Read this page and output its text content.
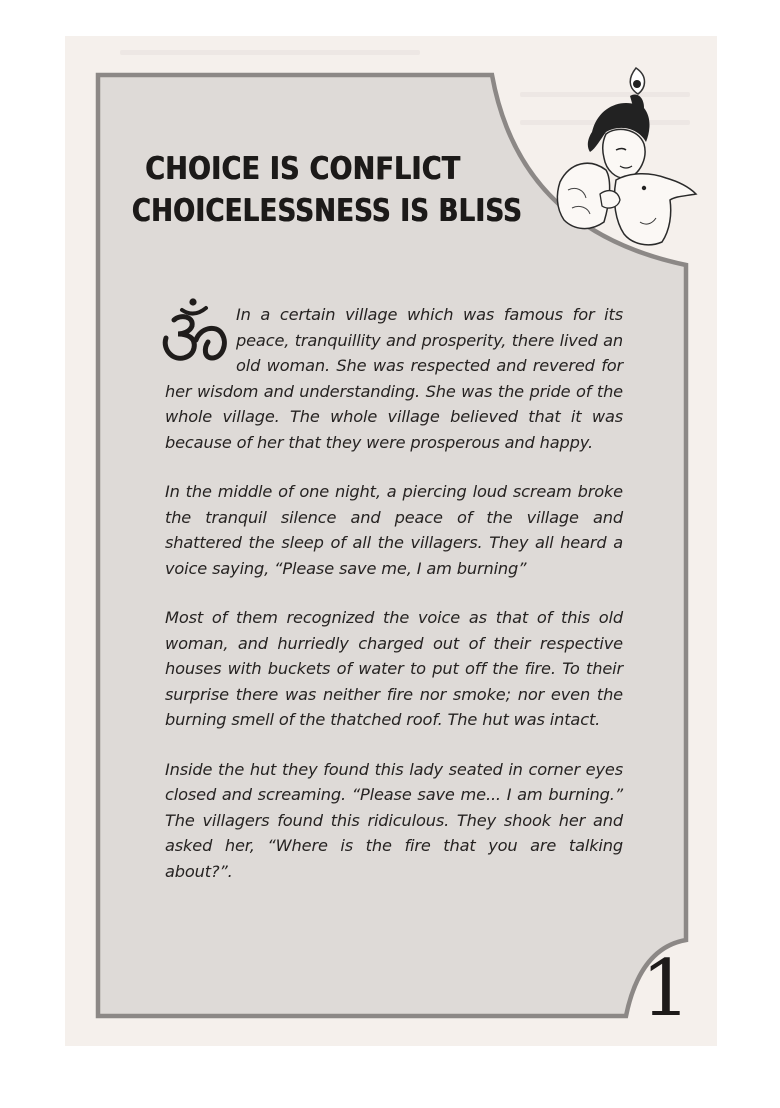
CHOICE IS CONFLICT
CHOICELESSNESS IS BLISS

In a certain village which was famous for its peace, tranquillity and prosperity, there lived an old woman. She was respected and revered for her wisdom and understanding. She was the pride of the whole village. The whole village believed that it was because of her that they were prosperous and happy.

In the middle of one night, a piercing loud scream broke the tranquil silence and peace of the village and shattered the sleep of all the villagers. They all heard a voice saying, “Please save me, I am burning”

Most of them recognized the voice as that of this old woman, and hurriedly charged out of their respective houses with buckets of water to put off the fire. To their surprise there was neither fire nor smoke; nor even the burning smell of the thatched roof. The hut was intact.

Inside the hut they found this lady seated in corner eyes closed and screaming. “Please save me... I am burning.” The villagers found this ridiculous. They shook her and asked her, “Where is the fire that you are talking about?”.

1
